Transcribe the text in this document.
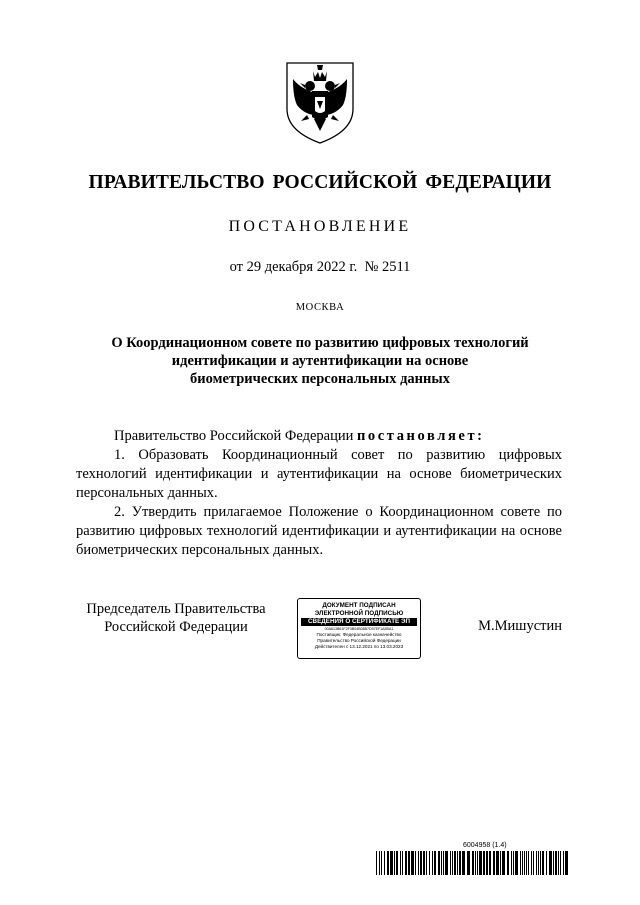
ПРАВИТЕЛЬСТВО РОССИЙСКОЙ ФЕДЕРАЦИИ
ПОСТАНОВЛЕНИЕ
от 29 декабря 2022 г.  № 2511
МОСКВА
О Координационном совете по развитию цифровых технологий
идентификации и аутентификации на основе
биометрических персональных данных
Правительство Российской Федерации постановляет:
1. Образовать Координационный совет по развитию цифровых технологий идентификации и аутентификации на основе биометрических персональных данных.
2. Утвердить прилагаемое Положение о Координационном совете по развитию цифровых технологий идентификации и аутентификации на основе биометрических персональных данных.
Председатель Правительства
Российской Федерации
ДОКУМЕНТ ПОДПИСАН
ЭЛЕКТРОННОЙ ПОДПИСЬЮ
СВЕДЕНИЯ О СЕРТИФИКАТЕ ЭП
00A613B61F2F3B04B08B7D97EF1A5BA1
Поставщик: Федеральное казначейство
Правительство Российской Федерации
Действителен с 13.12.2021 по 13.03.2023
М.Мишустин
6004958 (1.4)
